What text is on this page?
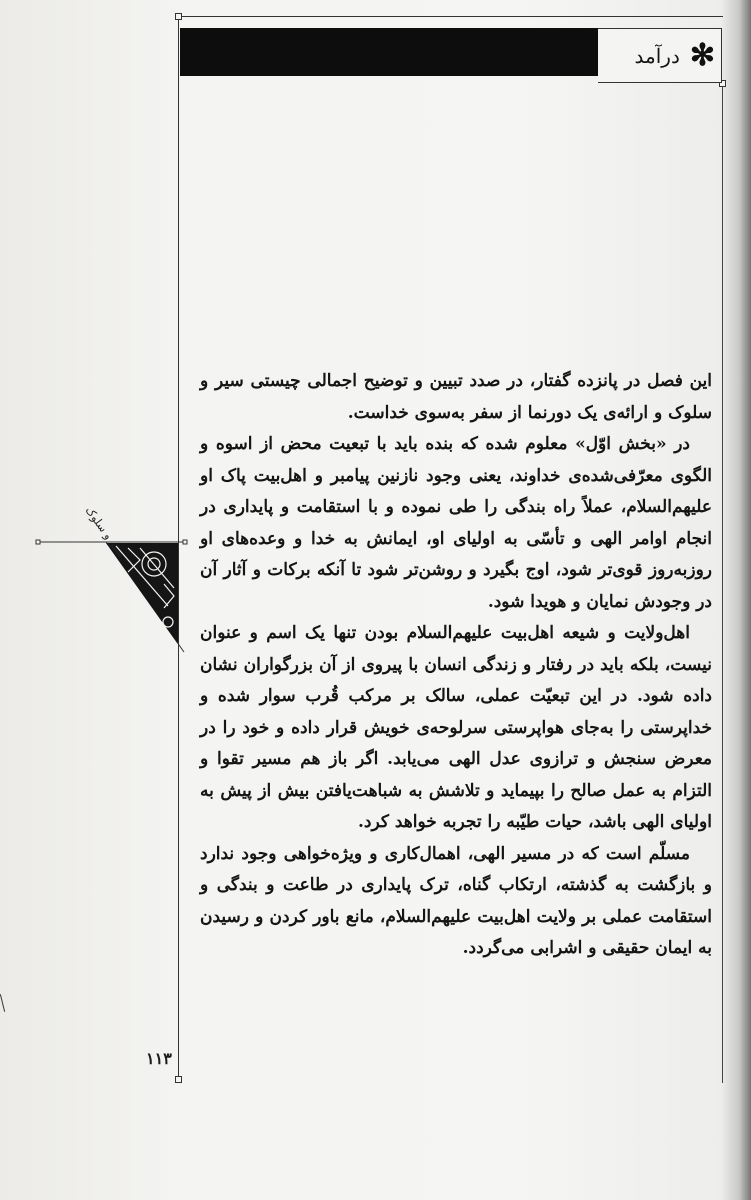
✻
درآمد
سیر و سلوک

این فصل در پانزده گفتار، در صدد تبیین و توضیح اجمالی چیستی سیر و سلوک و ارائه‌ی یک دورنما از سفر به‌سوی خداست.

در «بخش اوّل» معلوم شده که بنده باید با تبعیت محض از اسوه و الگوی معرّفی‌شده‌ی خداوند، یعنی وجود نازنین پیامبر و اهل‌بیت پاک او علیهم‌السلام، عملاً راه بندگی را طی نموده و با استقامت و پایداری در انجام اوامر الهی و تأسّی به اولیای او، ایمانش به خدا و وعده‌های او روزبه‌روز قوی‌تر شود، اوج بگیرد و روشن‌تر شود تا آنکه برکات و آثار آن در وجودش نمایان و هویدا شود.

اهل‌ولایت و شیعه اهل‌بیت علیهم‌السلام بودن تنها یک اسم و عنوان نیست، بلکه باید در رفتار و زندگی انسان با پیروی از آن بزرگواران نشان داده شود. در این تبعیّت عملی، سالک بر مرکب قُرب سوار شده و خداپرستی را به‌جای هواپرستی سرلوحه‌ی خویش قرار داده و خود را در معرض سنجش و ترازوی عدل الهی می‌یابد. اگر باز هم مسیر تقوا و التزام به عمل صالح را بپیماید و تلاشش به شباهت‌یافتن بیش از پیش به اولیای الهی باشد، حیات طیّبه را تجربه خواهد کرد.

مسلّم است که در مسیر الهی، اهمال‌کاری و ویژه‌خواهی وجود ندارد و بازگشت به گذشته، ارتکاب گناه، ترک پایداری در طاعت و بندگی و استقامت عملی بر ولایت اهل‌بیت علیهم‌السلام، مانع باور کردن و رسیدن به ایمان حقیقی و اشرابی می‌گردد.

۱۱۳
